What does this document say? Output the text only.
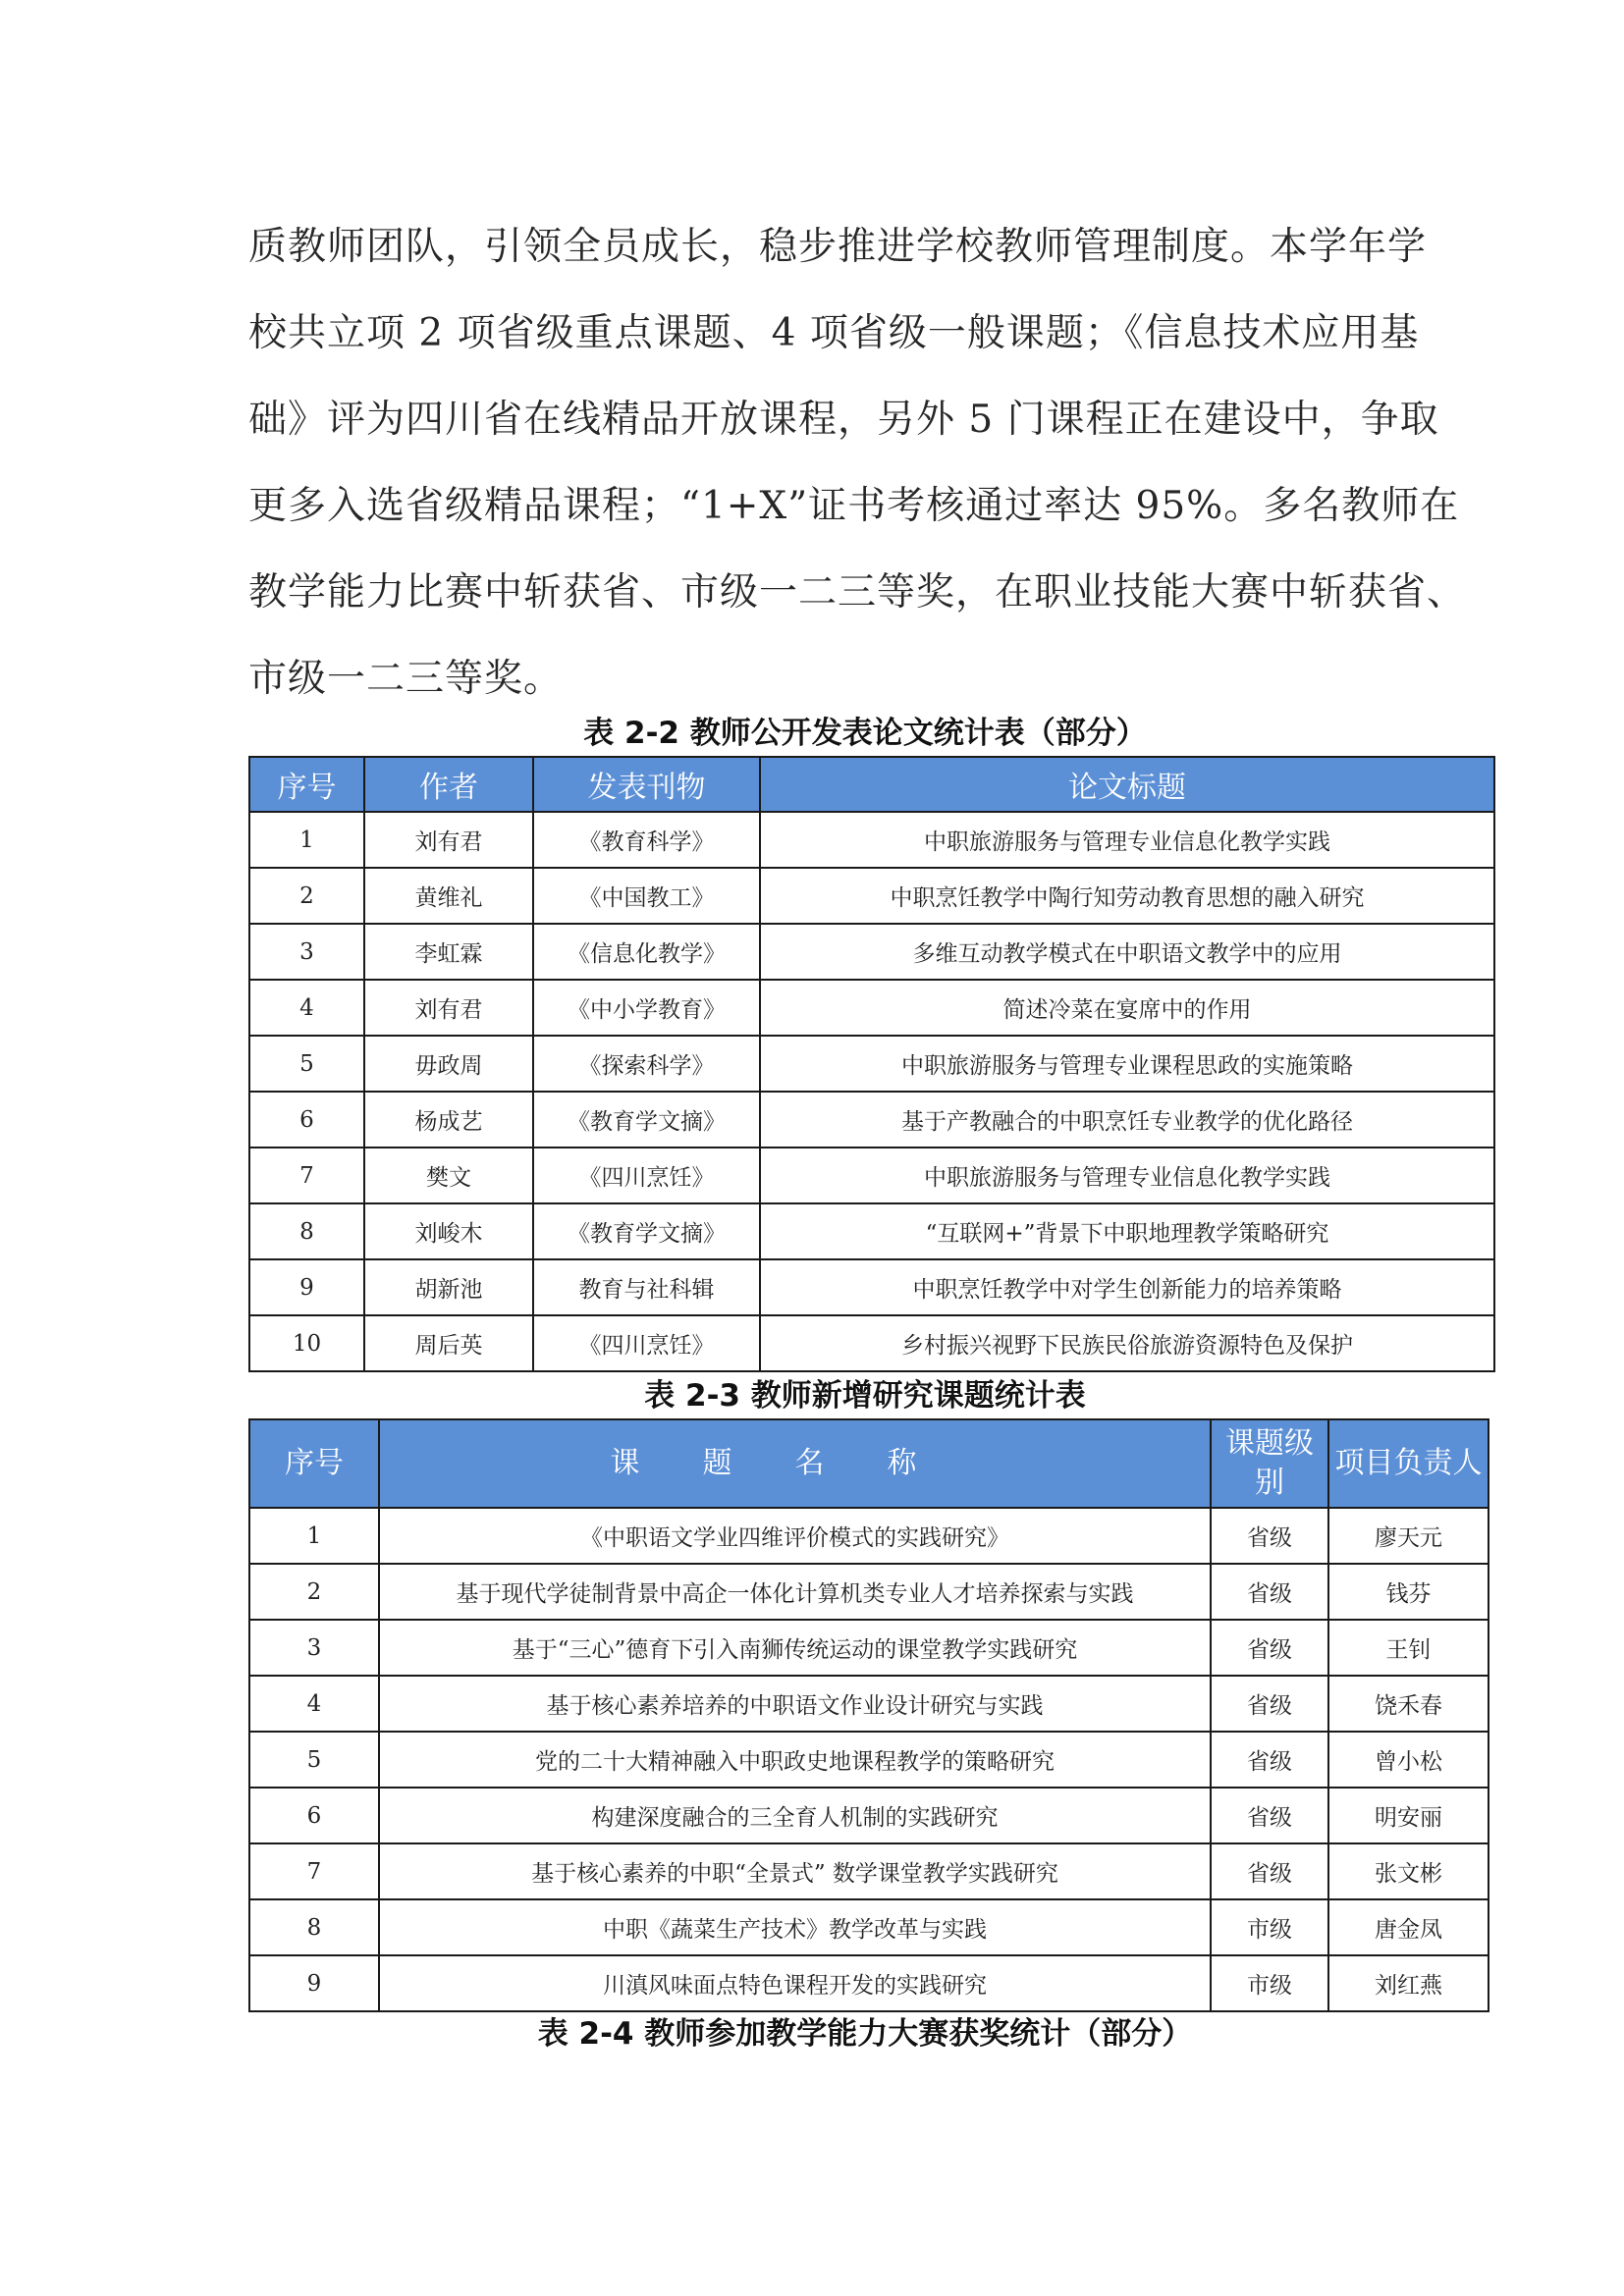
质教师团队，引领全员成长，稳步推进学校教师管理制度。本学年学
校共立项 2 项省级重点课题、4 项省级一般课题；《信息技术应用基
础》评为四川省在线精品开放课程，另外 5 门课程正在建设中，争取
更多入选省级精品课程；“1+X”证书考核通过率达 95%。多名教师在
教学能力比赛中斩获省、市级一二三等奖，在职业技能大赛中斩获省、
市级一二三等奖。

表 2-2 教师公开发表论文统计表（部分）

序号	作者	发表刊物	论文标题
1	刘有君	《教育科学》	中职旅游服务与管理专业信息化教学实践
2	黄维礼	《中国教工》	中职烹饪教学中陶行知劳动教育思想的融入研究
3	李虹霖	《信息化教学》	多维互动教学模式在中职语文教学中的应用
4	刘有君	《中小学教育》	简述冷菜在宴席中的作用
5	毋政周	《探索科学》	中职旅游服务与管理专业课程思政的实施策略
6	杨成艺	《教育学文摘》	基于产教融合的中职烹饪专业教学的优化路径
7	樊文	《四川烹饪》	中职旅游服务与管理专业信息化教学实践
8	刘峻木	《教育学文摘》	“互联网+”背景下中职地理教学策略研究
9	胡新池	教育与社科辑	中职烹饪教学中对学生创新能力的培养策略
10	周后英	《四川烹饪》	乡村振兴视野下民族民俗旅游资源特色及保护

表 2-3 教师新增研究课题统计表

序号	课题名称	课题级别	项目负责人
1	《中职语文学业四维评价模式的实践研究》	省级	廖天元
2	基于现代学徒制背景中高企一体化计算机类专业人才培养探索与实践	省级	钱芬
3	基于“三心”德育下引入南狮传统运动的课堂教学实践研究	省级	王钊
4	基于核心素养培养的中职语文作业设计研究与实践	省级	饶禾春
5	党的二十大精神融入中职政史地课程教学的策略研究	省级	曾小松
6	构建深度融合的三全育人机制的实践研究	省级	明安丽
7	基于核心素养的中职“全景式” 数学课堂教学实践研究	省级	张文彬
8	中职《蔬菜生产技术》教学改革与实践	市级	唐金凤
9	川滇风味面点特色课程开发的实践研究	市级	刘红燕

表 2-4 教师参加教学能力大赛获奖统计（部分）
